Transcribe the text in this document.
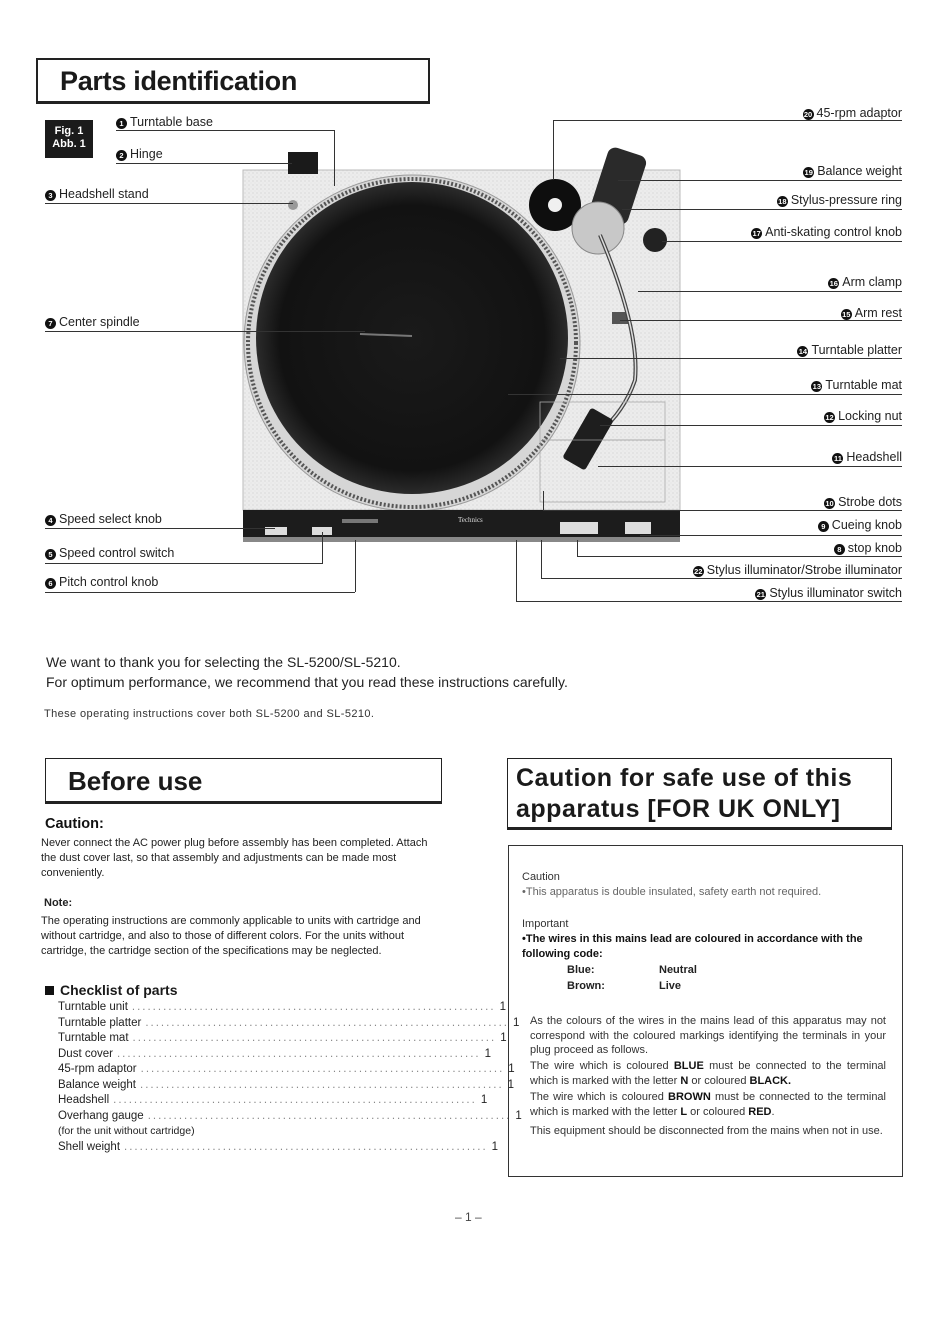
Parts identification
Fig. 1
Abb. 1
Technics
1 Turntable base
2 Hinge
3 Headshell stand
7 Center spindle
4 Speed select knob
5 Speed control switch
6 Pitch control knob
20 45-rpm adaptor
19 Balance weight
18 Stylus-pressure ring
17 Anti-skating control knob
16 Arm clamp
15 Arm rest
14 Turntable platter
13 Turntable mat
12 Locking nut
11 Headshell
10 Strobe dots
9 Cueing knob
8 stop knob
22 Stylus illuminator/Strobe illuminator
21 Stylus illuminator switch
We want to thank you for selecting the SL-5200/SL-5210.
For optimum performance, we recommend that you read these instructions carefully.
These operating instructions cover both SL-5200 and SL-5210.
Before use
Caution:
Never connect the AC power plug before assembly has been completed. Attach the dust cover last, so that assembly and adjustments can be made most conveniently.
Note:
The operating instructions are commonly applicable to units with cartridge and without cartridge, and also to those of different colors. For the units without cartridge, the cartridge section of the specifications may be neglected.
Checklist of parts
Turntable unit ...................................................................... 1
Turntable platter ...................................................................... 1
Turntable mat ...................................................................... 1
Dust cover ...................................................................... 1
45-rpm adaptor ...................................................................... 1
Balance weight ...................................................................... 1
Headshell ...................................................................... 1
Overhang gauge ...................................................................... 1
(for the unit without cartridge)
Shell weight ...................................................................... 1
Caution for safe use of this
apparatus [FOR UK ONLY]
Caution
•This apparatus is double insulated, safety earth not required.
Important
•The wires in this mains lead are coloured in accordance with the following code:
Blue:	Neutral
Brown:	Live
As the colours of the wires in the mains lead of this apparatus may not correspond with the coloured markings identifying the terminals in your plug proceed as follows.
The wire which is coloured BLUE must be connected to the terminal which is marked with the letter N or coloured BLACK.
The wire which is coloured BROWN must be connected to the terminal which is marked with the letter L or coloured RED.
This equipment should be disconnected from the mains when not in use.
– 1 –
